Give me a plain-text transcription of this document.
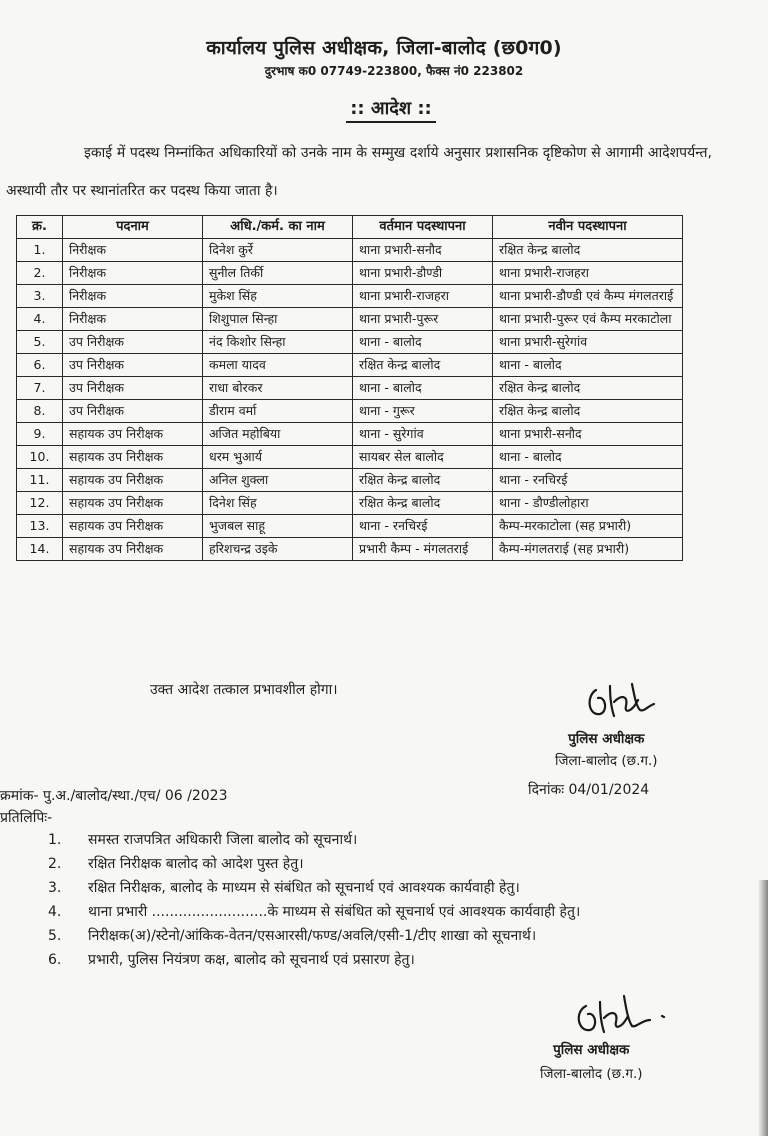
कार्यालय पुलिस अधीक्षक, जिला-बालोद (छ0ग0)
दुरभाष क0 07749-223800, फैक्स नं0 223802
:: आदेश ::
इकाई में पदस्थ निम्नांकित अधिकारियों को उनके नाम के सम्मुख दर्शाये अनुसार प्रशासनिक दृष्टिकोण से आगामी आदेशपर्यन्त, अस्थायी तौर पर स्थानांतरित कर पदस्थ किया जाता है।
क्र.	पदनाम	अधि./कर्म. का नाम	वर्तमान पदस्थापना	नवीन पदस्थापना
1.	निरीक्षक	दिनेश कुर्रे	थाना प्रभारी-सनौद	रक्षित केन्द्र बालोद
2.	निरीक्षक	सुनील तिर्की	थाना प्रभारी-डौण्डी	थाना प्रभारी-राजहरा
3.	निरीक्षक	मुकेश सिंह	थाना प्रभारी-राजहरा	थाना प्रभारी-डौण्डी एवं कैम्प मंगलतराई
4.	निरीक्षक	शिशुपाल सिन्हा	थाना प्रभारी-पुरूर	थाना प्रभारी-पुरूर एवं कैम्प मरकाटोला
5.	उप निरीक्षक	नंद किशोर सिन्हा	थाना - बालोद	थाना प्रभारी-सुरेगांव
6.	उप निरीक्षक	कमला यादव	रक्षित केन्द्र बालोद	थाना - बालोद
7.	उप निरीक्षक	राधा बोरकर	थाना - बालोद	रक्षित केन्द्र बालोद
8.	उप निरीक्षक	डीराम वर्मा	थाना - गुरूर	रक्षित केन्द्र बालोद
9.	सहायक उप निरीक्षक	अजित महोबिया	थाना - सुरेगांव	थाना प्रभारी-सनौद
10.	सहायक उप निरीक्षक	धरम भुआर्य	सायबर सेल बालोद	थाना - बालोद
11.	सहायक उप निरीक्षक	अनिल शुक्ला	रक्षित केन्द्र बालोद	थाना - रनचिरई
12.	सहायक उप निरीक्षक	दिनेश सिंह	रक्षित केन्द्र बालोद	थाना - डौण्डीलोहारा
13.	सहायक उप निरीक्षक	भुजबल साहू	थाना - रनचिरई	कैम्प-मरकाटोला (सह प्रभारी)
14.	सहायक उप निरीक्षक	हरिशचन्द्र उइके	प्रभारी कैम्प - मंगलतराई	कैम्प-मंगलतराई (सह प्रभारी)
उक्त आदेश तत्काल प्रभावशील होगा।
पुलिस अधीक्षक
जिला-बालोद (छ.ग.)
क्रमांक- पु.अ./बालोद/स्था./एच/ 06 /2023	दिनांकः 04/01/2024
प्रतिलिपिः-
1.	समस्त राजपत्रित अधिकारी जिला बालोद को सूचनार्थ।
2.	रक्षित निरीक्षक बालोद को आदेश पुस्त हेतु।
3.	रक्षित निरीक्षक, बालोद के माध्यम से संबंधित को सूचनार्थ एवं आवश्यक कार्यवाही हेतु।
4.	थाना प्रभारी ..........................के माध्यम से संबंधित को सूचनार्थ एवं आवश्यक कार्यवाही हेतु।
5.	निरीक्षक(अ)/स्टेनो/आंकिक-वेतन/एसआरसी/फण्ड/अवलि/एसी-1/टीए शाखा को सूचनार्थ।
6.	प्रभारी, पुलिस नियंत्रण कक्ष, बालोद को सूचनार्थ एवं प्रसारण हेतु।
पुलिस अधीक्षक
जिला-बालोद (छ.ग.)
